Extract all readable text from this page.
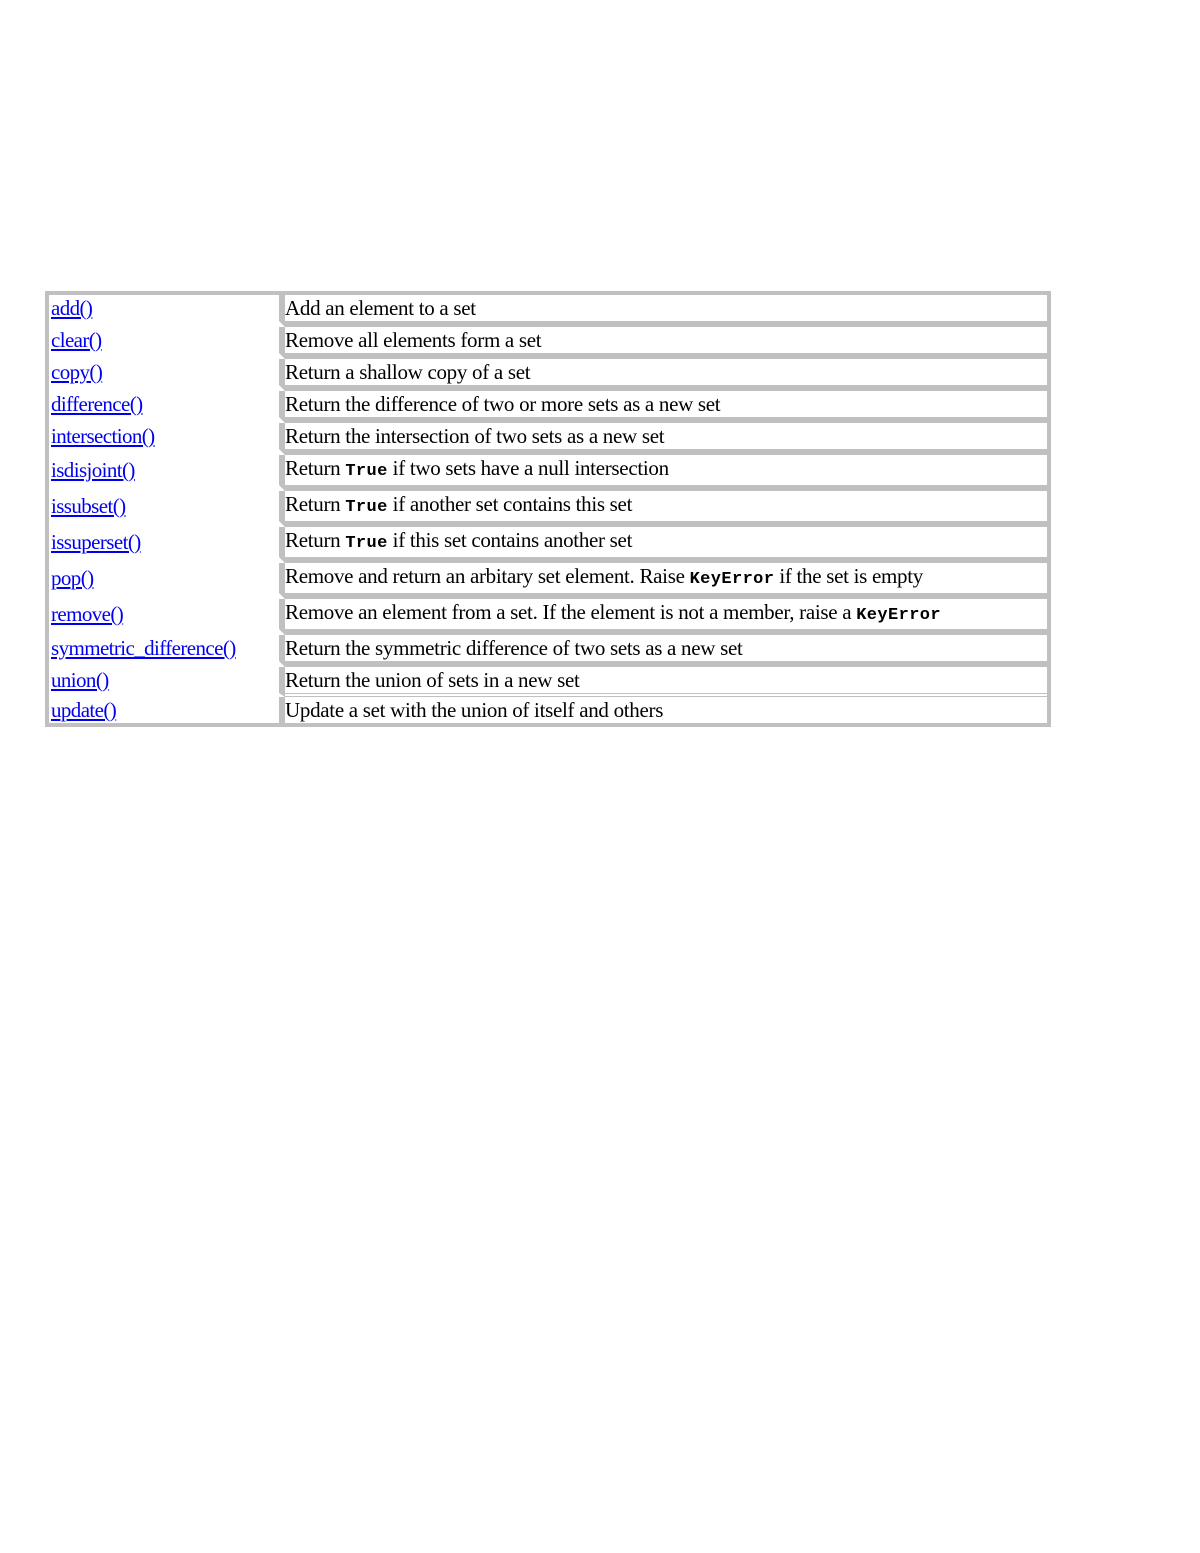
add()	Add an element to a set
clear()	Remove all elements form a set
copy()	Return a shallow copy of a set
difference()	Return the difference of two or more sets as a new set
intersection()	Return the intersection of two sets as a new set
isdisjoint()	Return True if two sets have a null intersection
issubset()	Return True if another set contains this set
issuperset()	Return True if this set contains another set
pop()	Remove and return an arbitary set element. Raise KeyError if the set is empty
remove()	Remove an element from a set. If the element is not a member, raise a KeyError
symmetric_difference()	Return the symmetric difference of two sets as a new set
union()	Return the union of sets in a new set
update()	Update a set with the union of itself and others
